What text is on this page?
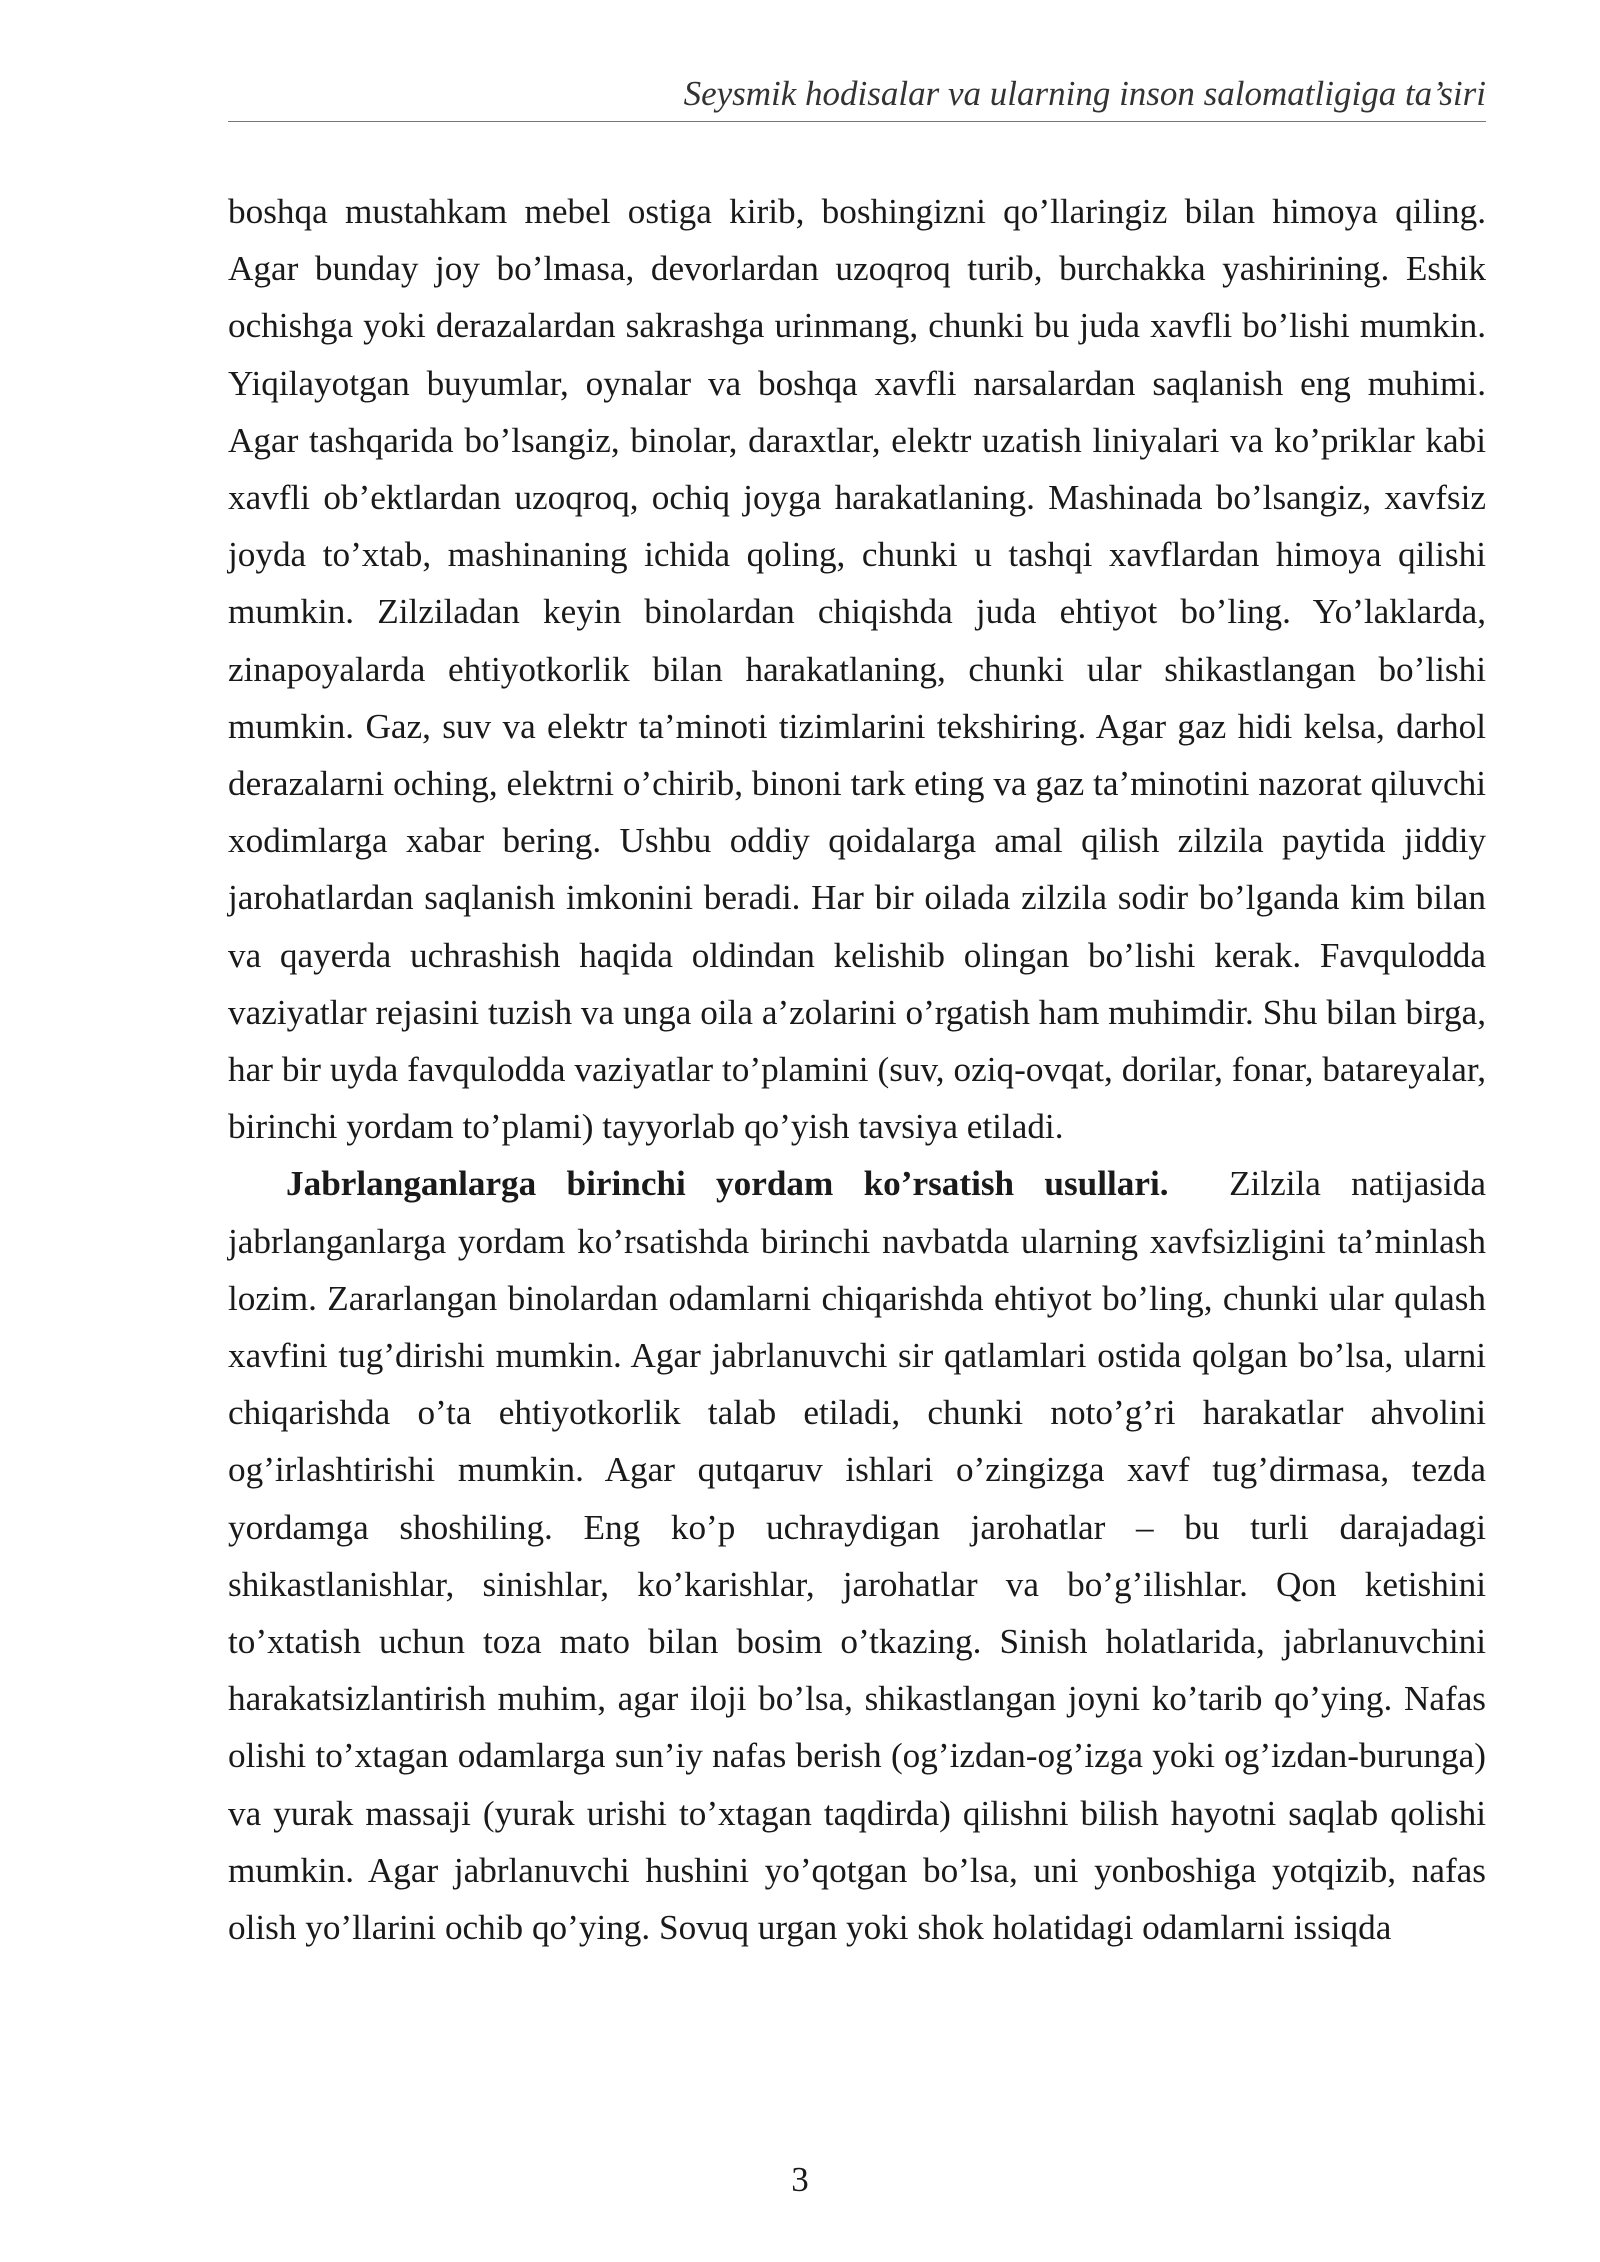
Seysmik hodisalar va ularning inson salomatligiga ta’siri

boshqa mustahkam mebel ostiga kirib, boshingizni qo’llaringiz bilan himoya qiling. Agar bunday joy bo’lmasa, devorlardan uzoqroq turib, burchakka yashirining. Eshik ochishga yoki derazalardan sakrashga urinmang, chunki bu juda xavfli bo’lishi mumkin. Yiqilayotgan buyumlar, oynalar va boshqa xavfli narsalardan saqlanish eng muhimi. Agar tashqarida bo’lsangiz, binolar, daraxtlar, elektr uzatish liniyalari va ko’priklar kabi xavfli ob’ektlardan uzoqroq, ochiq joyga harakatlaning. Mashinada bo’lsangiz, xavfsiz joyda to’xtab, mashinaning ichida qoling, chunki u tashqi xavflardan himoya qilishi mumkin. Zilziladan keyin binolardan chiqishda juda ehtiyot bo’ling. Yo’laklarda, zinapoyalarda ehtiyotkorlik bilan harakatlaning, chunki ular shikastlangan bo’lishi mumkin. Gaz, suv va elektr ta’minoti tizimlarini tekshiring. Agar gaz hidi kelsa, darhol derazalarni oching, elektrni o’chirib, binoni tark eting va gaz ta’minotini nazorat qiluvchi xodimlarga xabar bering. Ushbu oddiy qoidalarga amal qilish zilzila paytida jiddiy jarohatlardan saqlanish imkonini beradi. Har bir oilada zilzila sodir bo’lganda kim bilan va qayerda uchrashish haqida oldindan kelishib olingan bo’lishi kerak. Favqulodda vaziyatlar rejasini tuzish va unga oila a’zolarini o’rgatish ham muhimdir. Shu bilan birga, har bir uyda favqulodda vaziyatlar to’plamini (suv, oziq-ovqat, dorilar, fonar, batareyalar, birinchi yordam to’plami) tayyorlab qo’yish tavsiya etiladi.

Jabrlanganlarga birinchi yordam ko’rsatish usullari. Zilzila natijasida jabrlanganlarga yordam ko’rsatishda birinchi navbatda ularning xavfsizligini ta’minlash lozim. Zararlangan binolardan odamlarni chiqarishda ehtiyot bo’ling, chunki ular qulash xavfini tug’dirishi mumkin. Agar jabrlanuvchi sir qatlamlari ostida qolgan bo’lsa, ularni chiqarishda o’ta ehtiyotkorlik talab etiladi, chunki noto’g’ri harakatlar ahvolini og’irlashtirishi mumkin. Agar qutqaruv ishlari o’zingizga xavf tug’dirmasa, tezda yordamga shoshiling. Eng ko’p uchraydigan jarohatlar – bu turli darajadagi shikastlanishlar, sinishlar, ko’karishlar, jarohatlar va bo’g’ilishlar. Qon ketishini to’xtatish uchun toza mato bilan bosim o’tkazing. Sinish holatlarida, jabrlanuvchini harakatsizlantirish muhim, agar iloji bo’lsa, shikastlangan joyni ko’tarib qo’ying. Nafas olishi to’xtagan odamlarga sun’iy nafas berish (og’izdan-og’izga yoki og’izdan-burunga) va yurak massaji (yurak urishi to’xtagan taqdirda) qilishni bilish hayotni saqlab qolishi mumkin. Agar jabrlanuvchi hushini yo’qotgan bo’lsa, uni yonboshiga yotqizib, nafas olish yo’llarini ochib qo’ying. Sovuq urgan yoki shok holatidagi odamlarni issiqda

3
